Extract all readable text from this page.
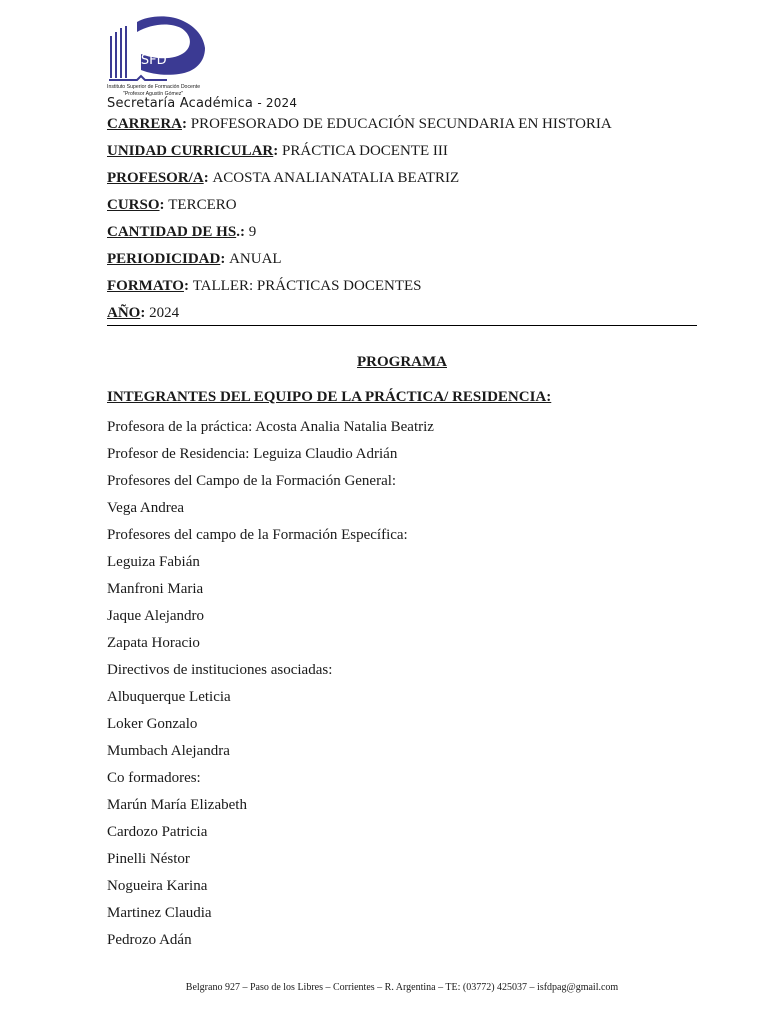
ISFD
Instituto Superior de Formación Docente
"Profesor Agustín Gómez"
Secretaría Académica - 2024
CARRERA: PROFESORADO DE EDUCACIÓN SECUNDARIA EN HISTORIA
UNIDAD CURRICULAR: PRÁCTICA DOCENTE III
PROFESOR/A: ACOSTA ANALIANATALIA BEATRIZ
CURSO: TERCERO
CANTIDAD DE HS.: 9
PERIODICIDAD: ANUAL
FORMATO: TALLER: PRÁCTICAS DOCENTES
AÑO: 2024
PROGRAMA
INTEGRANTES DEL EQUIPO DE LA PRÁCTICA/ RESIDENCIA:
Profesora de la práctica: Acosta Analia Natalia Beatriz
Profesor de Residencia: Leguiza Claudio Adrián
Profesores del Campo de la Formación General:
Vega Andrea
Profesores del campo de la Formación Específica:
Leguiza Fabián
Manfroni Maria
Jaque Alejandro
Zapata Horacio
Directivos de instituciones asociadas:
Albuquerque Leticia
Loker Gonzalo
Mumbach Alejandra
Co formadores:
Marún María Elizabeth
Cardozo Patricia
Pinelli Néstor
Nogueira Karina
Martinez Claudia
Pedrozo Adán
Belgrano 927 – Paso de los Libres – Corrientes – R. Argentina – TE: (03772) 425037 – isfdpag@gmail.com
